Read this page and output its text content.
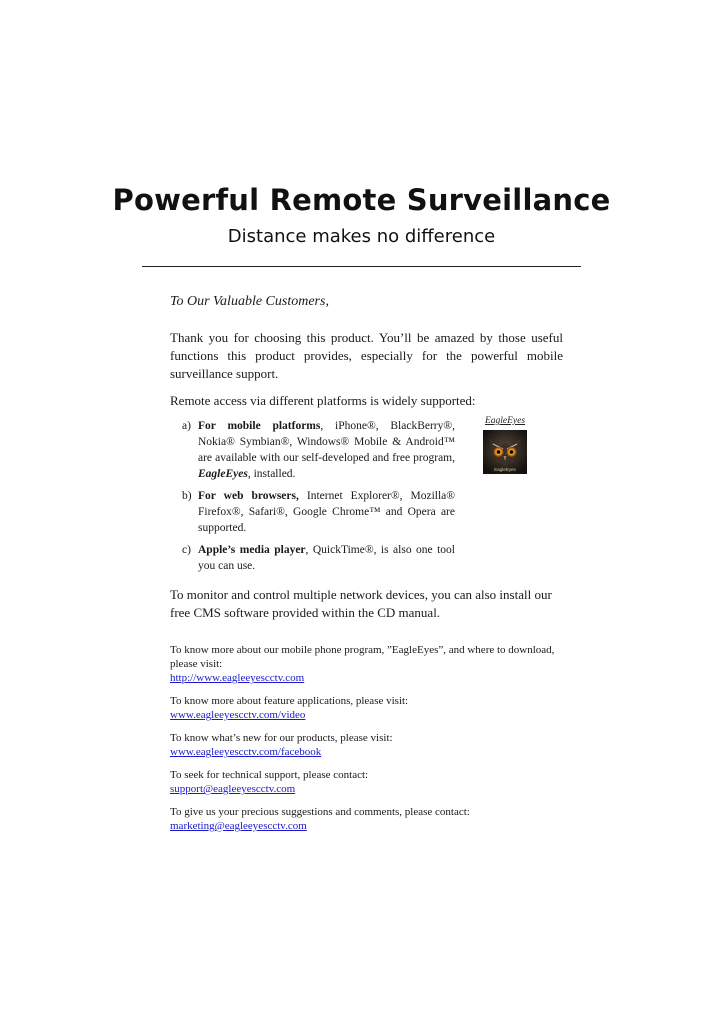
Powerful Remote Surveillance
Distance makes no difference
To Our Valuable Customers,

Thank you for choosing this product. You’ll be amazed by those useful functions this product provides, especially for the powerful mobile surveillance support.

Remote access via different platforms is widely supported:

a) For mobile platforms, iPhone®, BlackBerry®, Nokia® Symbian®, Windows® Mobile & Android™ are available with our self-developed and free program, EagleEyes, installed.
b) For web browsers, Internet Explorer®, Mozilla® Firefox®, Safari®, Google Chrome™ and Opera are supported.
c) Apple’s media player, QuickTime®, is also one tool you can use.
EagleEyes
EagleEyes

To monitor and control multiple network devices, you can also install our free CMS software provided within the CD manual.

To know more about our mobile phone program, ”EagleEyes”, and where to download, please visit:
http://www.eagleeyescctv.com
To know more about feature applications, please visit:
www.eagleeyescctv.com/video
To know what’s new for our products, please visit:
www.eagleeyescctv.com/facebook
To seek for technical support, please contact:
support@eagleeyescctv.com
To give us your precious suggestions and comments, please contact:
marketing@eagleeyescctv.com
